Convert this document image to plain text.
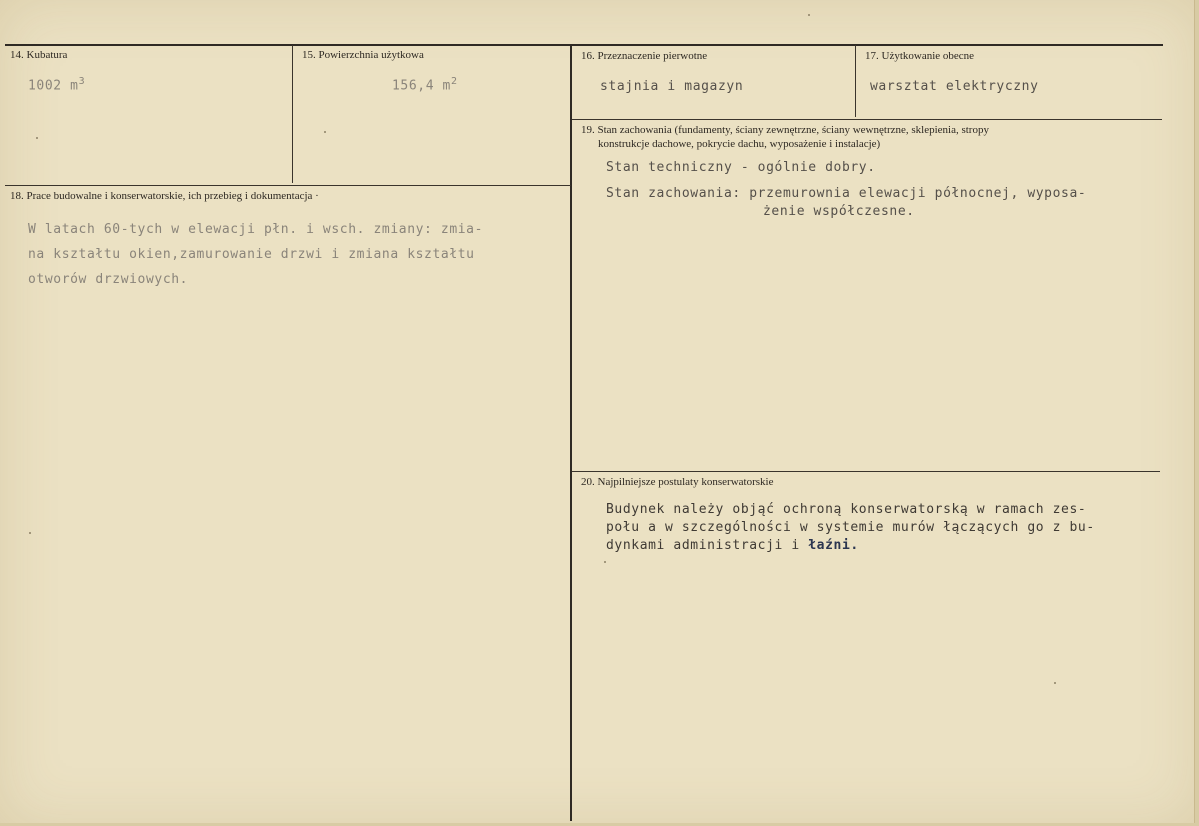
14. Kubatura
1002 $m^3$
15. Powierzchnia użytkowa
156,4 $m^2$
16. Przeznaczenie pierwotne
stajnia i magazyn
17. Użytkowanie obecne
warsztat elektryczny
18. Prace budowalne i konserwatorskie, ich przebieg i dokumentacja ·
W latach 60-tych w elewacji płn. i wsch. zmiany: zmia-
na kształtu okien,zamurowanie drzwi i zmiana kształtu
otworów drzwiowych.
19. Stan zachowania (fundamenty, ściany zewnętrzne, ściany wewnętrzne, sklepienia, stropy
konstrukcje dachowe, pokrycie dachu, wyposażenie i instalacje)
Stan techniczny - ogólnie dobry.
Stan zachowania: przemurownia elewacji północnej, wyposa-
żenie współczesne.
20. Najpilniejsze postulaty konserwatorskie
Budynek należy objąć ochroną konserwatorską w ramach zes-
połu a w szczególności w systemie murów łączących go z bu-
dynkami administracji i łaźni.
